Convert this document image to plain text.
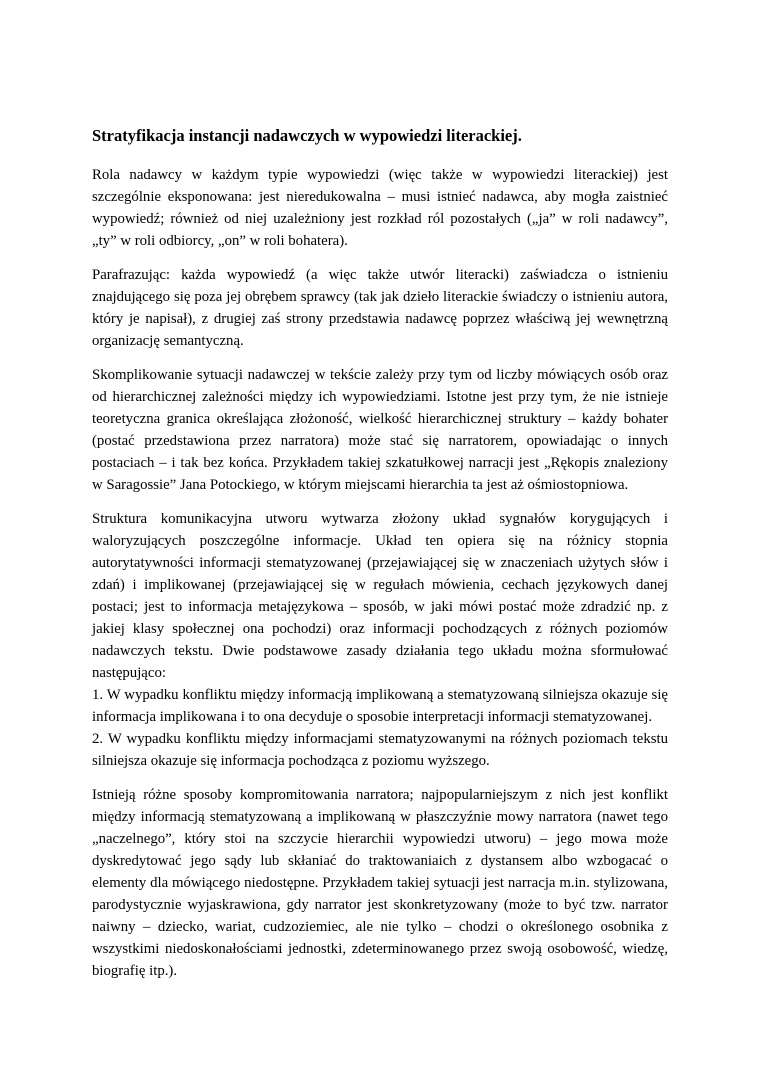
Stratyfikacja instancji nadawczych w wypowiedzi literackiej.

Rola nadawcy w każdym typie wypowiedzi (więc także w wypowiedzi literackiej) jest szczególnie eksponowana: jest nieredukowalna – musi istnieć nadawca, aby mogła zaistnieć wypowiedź; również od niej uzależniony jest rozkład ról pozostałych („ja” w roli nadawcy”, „ty” w roli odbiorcy, „on” w roli bohatera).

Parafrazując: każda wypowiedź (a więc także utwór literacki) zaświadcza o istnieniu znajdującego się poza jej obrębem sprawcy (tak jak dzieło literackie świadczy o istnieniu autora, który je napisał), z drugiej zaś strony przedstawia nadawcę poprzez właściwą jej wewnętrzną organizację semantyczną.

Skomplikowanie sytuacji nadawczej w tekście zależy przy tym od liczby mówiących osób oraz od hierarchicznej zależności między ich wypowiedziami. Istotne jest przy tym, że nie istnieje teoretyczna granica określająca złożoność, wielkość hierarchicznej struktury – każdy bohater (postać przedstawiona przez narratora) może stać się narratorem, opowiadając o innych postaciach – i tak bez końca. Przykładem takiej szkatułkowej narracji jest „Rękopis znaleziony w Saragossie” Jana Potockiego, w którym miejscami hierarchia ta jest aż ośmiostopniowa.

Struktura komunikacyjna utworu wytwarza złożony układ sygnałów korygujących i waloryzujących poszczególne informacje. Układ ten opiera się na różnicy stopnia autorytatywności informacji stematyzowanej (przejawiającej się w znaczeniach użytych słów i zdań) i implikowanej (przejawiającej się w regułach mówienia, cechach językowych danej postaci; jest to informacja metajęzykowa – sposób, w jaki mówi postać może zdradzić np. z jakiej klasy społecznej ona pochodzi) oraz informacji pochodzących z różnych poziomów nadawczych tekstu. Dwie podstawowe zasady działania tego układu można sformułować następująco:
1. W wypadku konfliktu między informacją implikowaną a stematyzowaną silniejsza okazuje się informacja implikowana i to ona decyduje o sposobie interpretacji informacji stematyzowanej.
2. W wypadku konfliktu między informacjami stematyzowanymi na różnych poziomach tekstu silniejsza okazuje się informacja pochodząca z poziomu wyższego.

Istnieją różne sposoby kompromitowania narratora; najpopularniejszym z nich jest konflikt między informacją stematyzowaną a implikowaną w płaszczyźnie mowy narratora (nawet tego „naczelnego”, który stoi na szczycie hierarchii wypowiedzi utworu) – jego mowa może dyskredytować jego sądy lub skłaniać do traktowaniaich z dystansem albo wzbogacać o elementy dla mówiącego niedostępne. Przykładem takiej sytuacji jest narracja m.in. stylizowana, parodystycznie wyjaskrawiona, gdy narrator jest skonkretyzowany (może to być tzw. narrator naiwny – dziecko, wariat, cudzoziemiec, ale nie tylko – chodzi o określonego osobnika z wszystkimi niedoskonałościami jednostki, zdeterminowanego przez swoją osobowość, wiedzę, biografię itp.).
